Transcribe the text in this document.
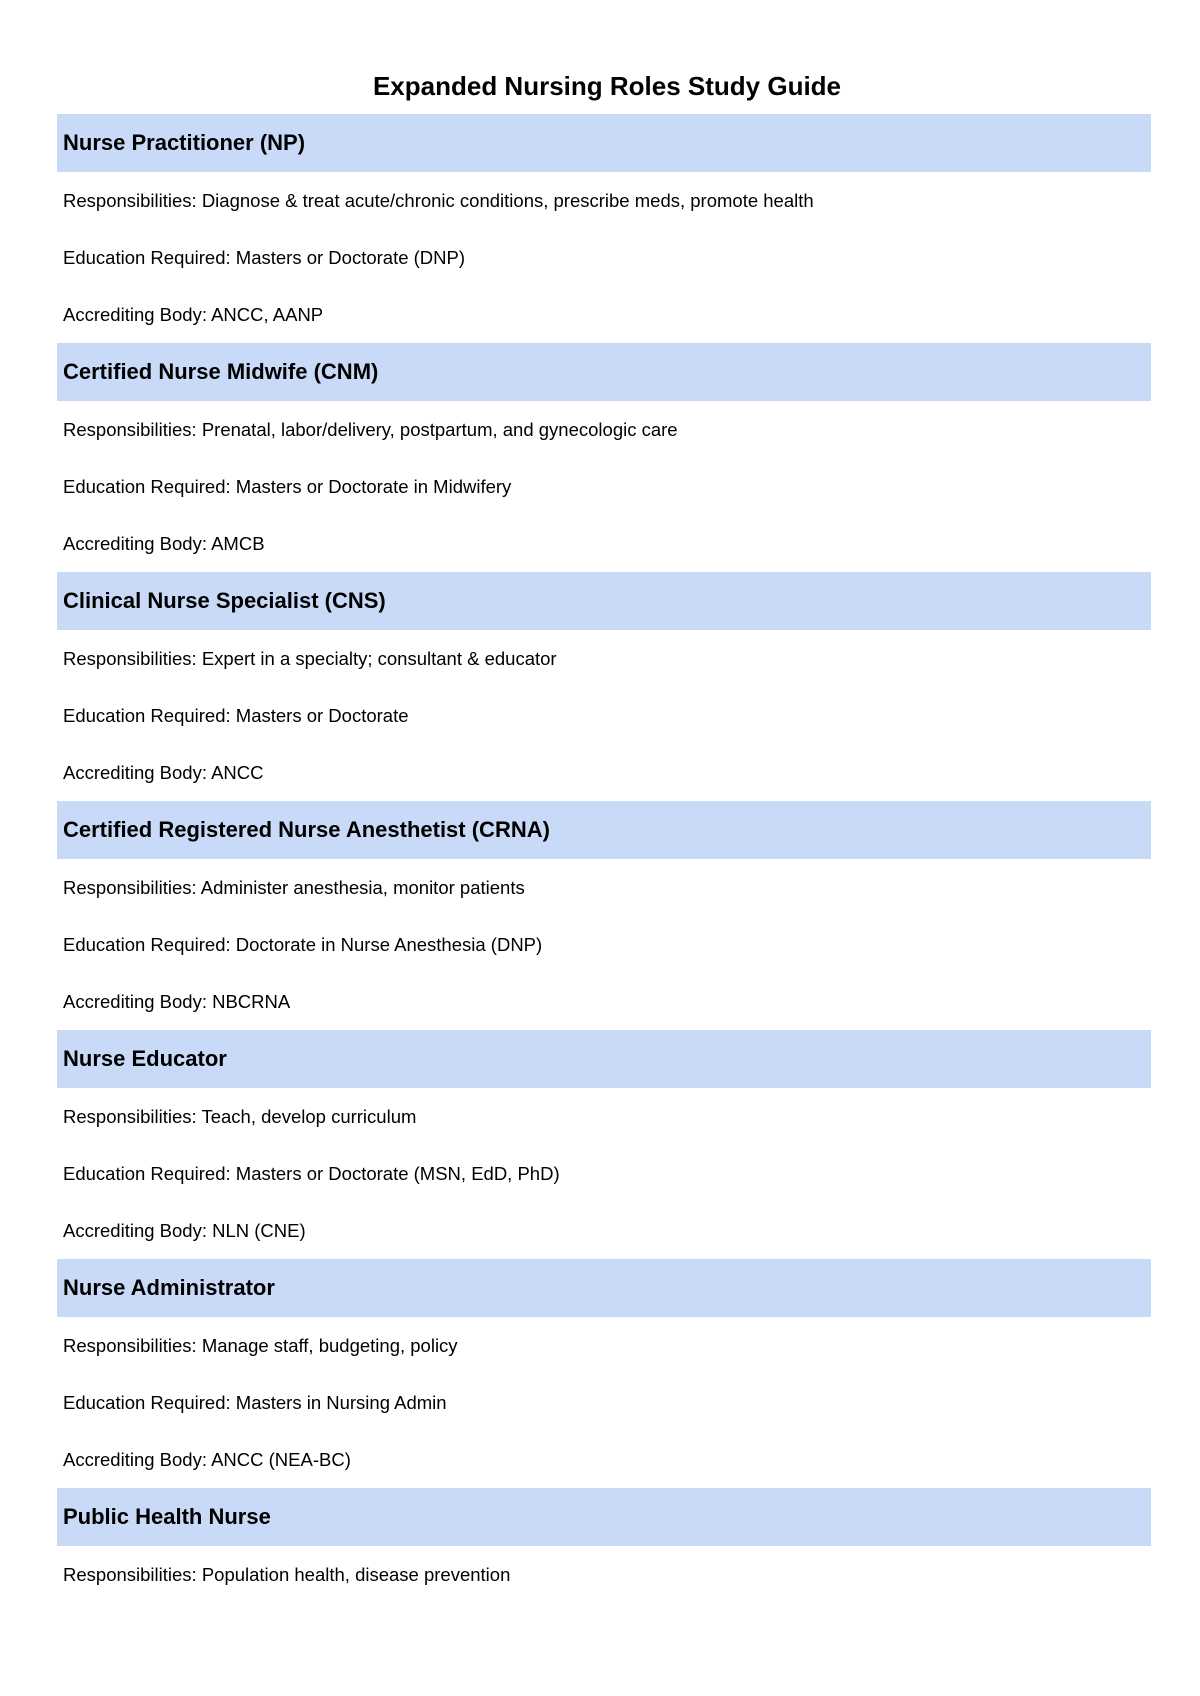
Expanded Nursing Roles Study Guide
Nurse Practitioner (NP)
Responsibilities: Diagnose & treat acute/chronic conditions, prescribe meds, promote health
Education Required: Masters or Doctorate (DNP)
Accrediting Body: ANCC, AANP
Certified Nurse Midwife (CNM)
Responsibilities: Prenatal, labor/delivery, postpartum, and gynecologic care
Education Required: Masters or Doctorate in Midwifery
Accrediting Body: AMCB
Clinical Nurse Specialist (CNS)
Responsibilities: Expert in a specialty; consultant & educator
Education Required: Masters or Doctorate
Accrediting Body: ANCC
Certified Registered Nurse Anesthetist (CRNA)
Responsibilities: Administer anesthesia, monitor patients
Education Required: Doctorate in Nurse Anesthesia (DNP)
Accrediting Body: NBCRNA
Nurse Educator
Responsibilities: Teach, develop curriculum
Education Required: Masters or Doctorate (MSN, EdD, PhD)
Accrediting Body: NLN (CNE)
Nurse Administrator
Responsibilities: Manage staff, budgeting, policy
Education Required: Masters in Nursing Admin
Accrediting Body: ANCC (NEA-BC)
Public Health Nurse
Responsibilities: Population health, disease prevention
